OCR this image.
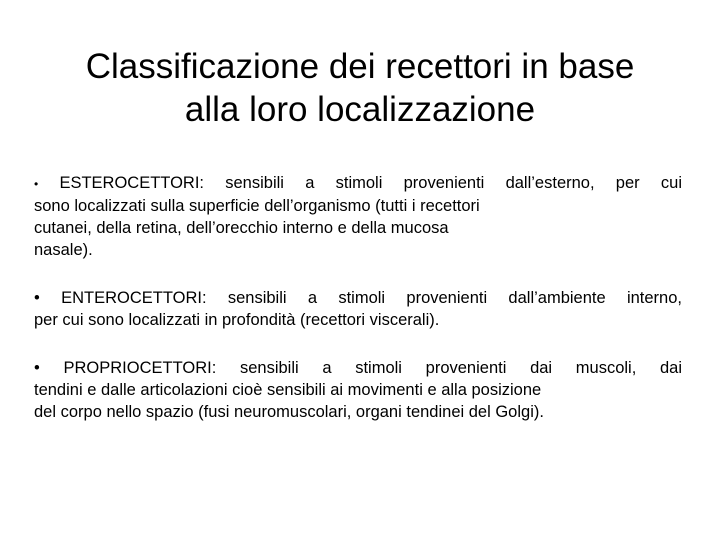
Classificazione dei recettori in base
alla loro localizzazione
• ESTEROCETTORI: sensibili a stimoli provenienti dall’esterno, per cui
sono localizzati sulla superficie dell’organismo (tutti i recettori
cutanei, della retina, dell’orecchio interno e della mucosa
nasale).
• ENTEROCETTORI: sensibili a stimoli provenienti dall’ambiente interno,
per cui sono localizzati in profondità (recettori viscerali).
• PROPRIOCETTORI: sensibili a stimoli provenienti dai muscoli, dai
tendini e dalle articolazioni cioè sensibili ai movimenti e alla posizione
del corpo nello spazio (fusi neuromuscolari, organi tendinei del Golgi).
